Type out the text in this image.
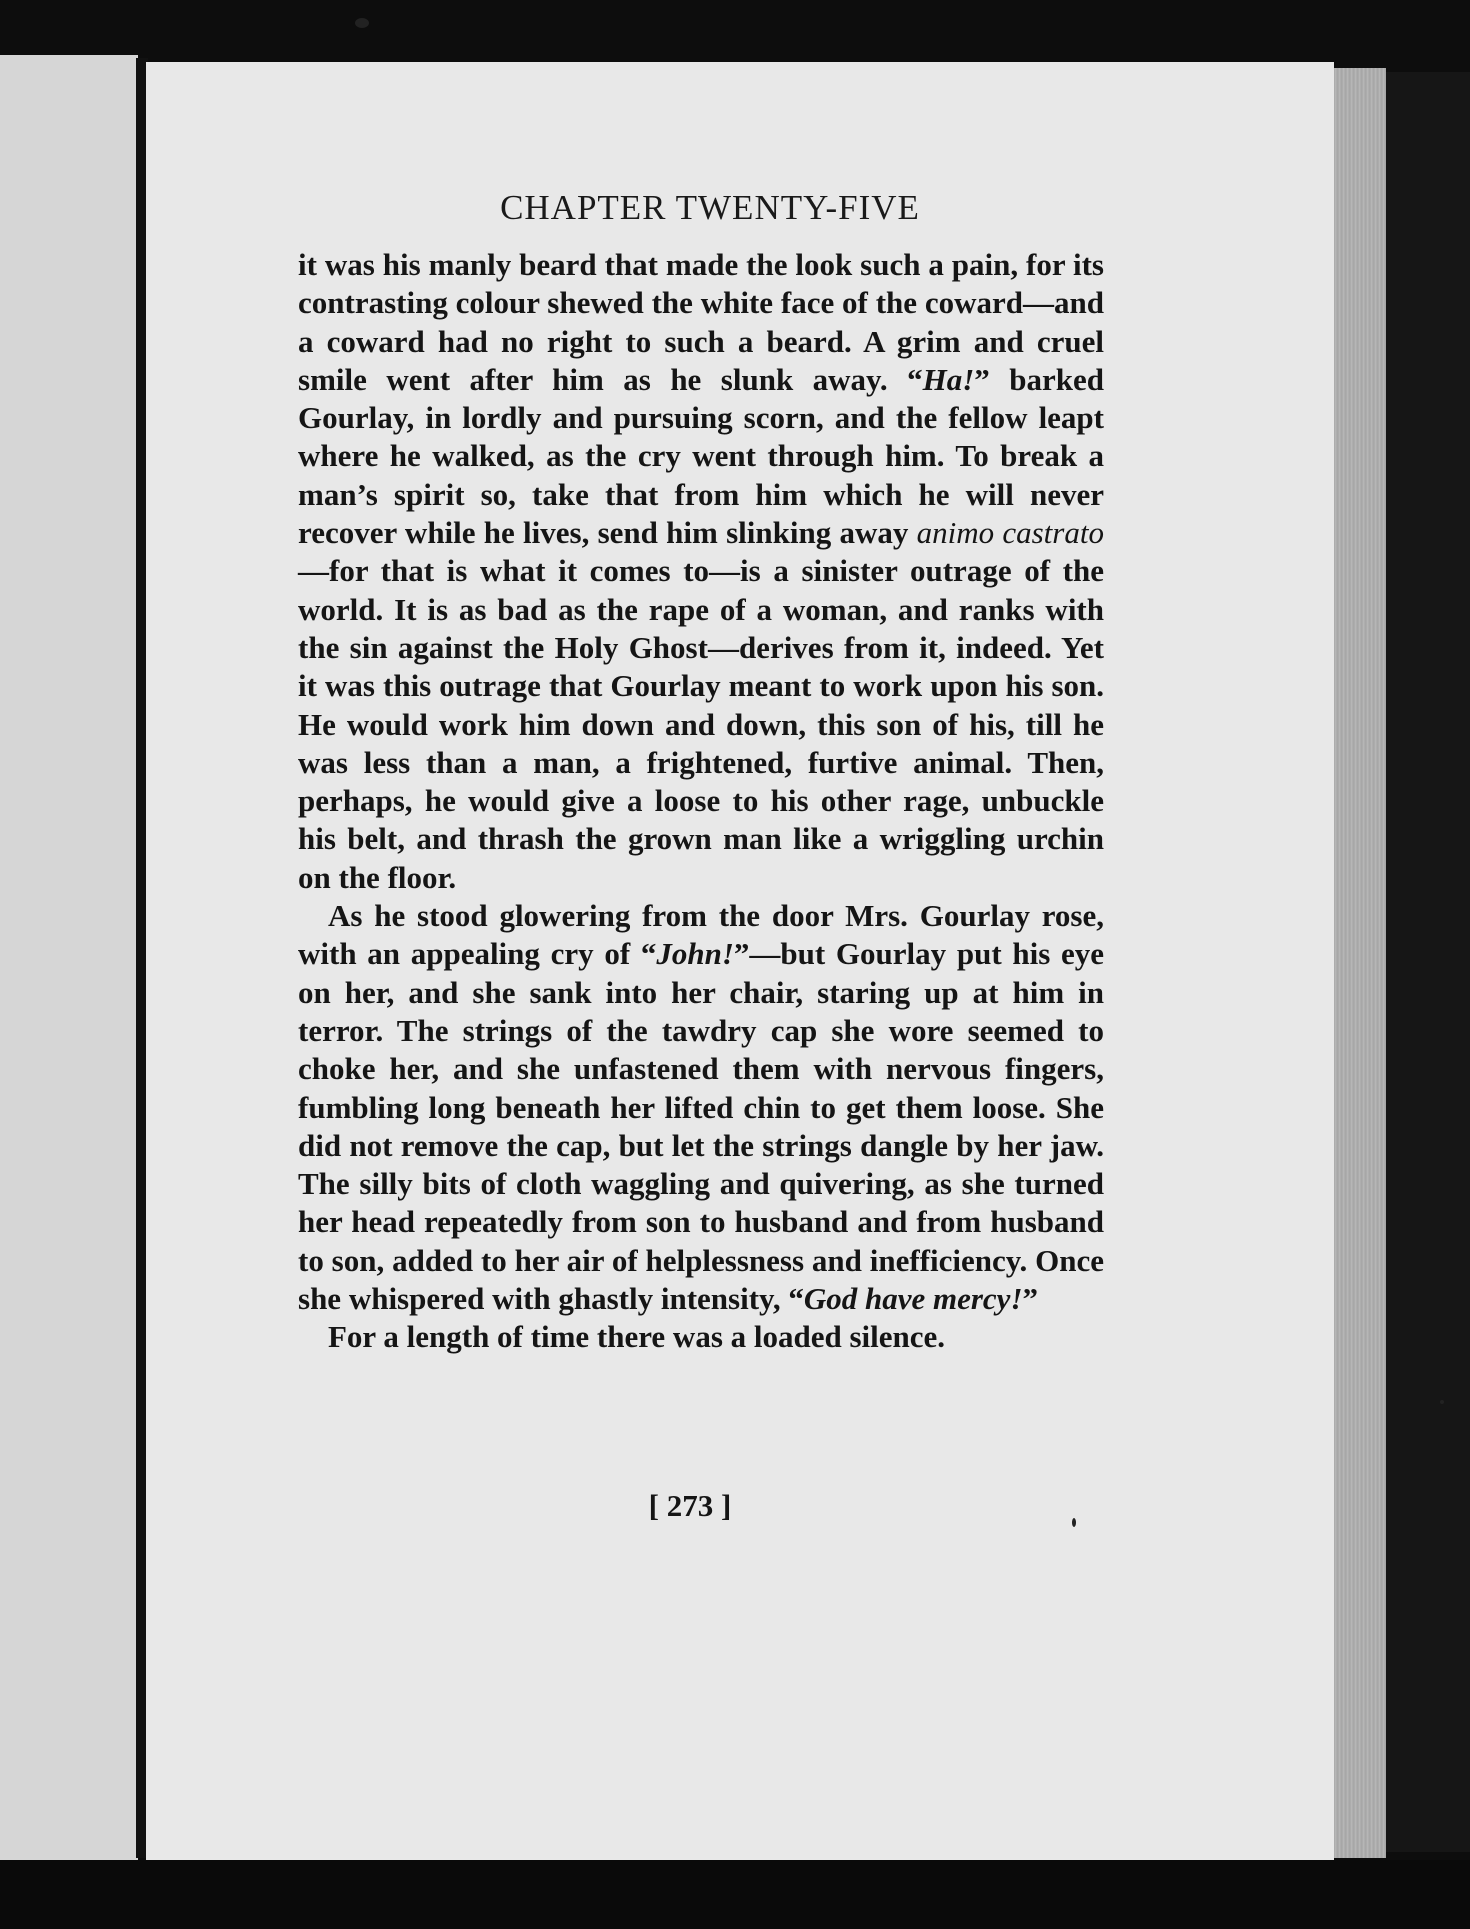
CHAPTER TWENTY-FIVE

it was his manly beard that made the look such a pain, for its contrasting colour shewed the white face of the coward—and a coward had no right to such a beard. A grim and cruel smile went after him as he slunk away. “Ha!” barked Gourlay, in lordly and pursuing scorn, and the fellow leapt where he walked, as the cry went through him. To break a man’s spirit so, take that from him which he will never recover while he lives, send him slinking away animo castrato—for that is what it comes to—is a sinister outrage of the world. It is as bad as the rape of a woman, and ranks with the sin against the Holy Ghost—derives from it, indeed. Yet it was this outrage that Gourlay meant to work upon his son. He would work him down and down, this son of his, till he was less than a man, a frightened, furtive animal. Then, perhaps, he would give a loose to his other rage, unbuckle his belt, and thrash the grown man like a wriggling urchin on the floor.

As he stood glowering from the door Mrs. Gourlay rose, with an appealing cry of “John!”—but Gourlay put his eye on her, and she sank into her chair, staring up at him in terror. The strings of the tawdry cap she wore seemed to choke her, and she unfastened them with nervous fingers, fumbling long beneath her lifted chin to get them loose. She did not remove the cap, but let the strings dangle by her jaw. The silly bits of cloth waggling and quivering, as she turned her head repeatedly from son to husband and from husband to son, added to her air of helplessness and inefficiency. Once she whispered with ghastly intensity, “God have mercy!”

For a length of time there was a loaded silence.

[ 273 ]
